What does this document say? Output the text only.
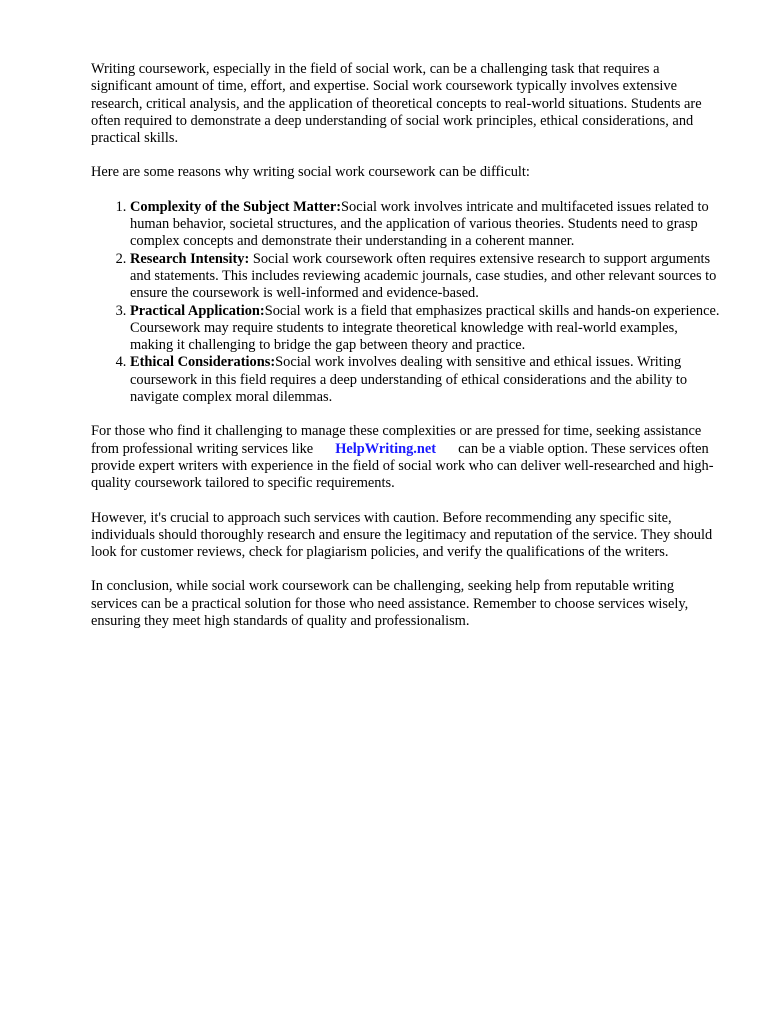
Writing coursework, especially in the field of social work, can be a challenging task that requires a significant amount of time, effort, and expertise. Social work coursework typically involves extensive research, critical analysis, and the application of theoretical concepts to real-world situations. Students are often required to demonstrate a deep understanding of social work principles, ethical considerations, and practical skills.

Here are some reasons why writing social work coursework can be difficult:

1. Complexity of the Subject Matter:Social work involves intricate and multifaceted issues related to human behavior, societal structures, and the application of various theories. Students need to grasp complex concepts and demonstrate their understanding in a coherent manner.
2. Research Intensity: Social work coursework often requires extensive research to support arguments and statements. This includes reviewing academic journals, case studies, and other relevant sources to ensure the coursework is well-informed and evidence-based.
3. Practical Application:Social work is a field that emphasizes practical skills and hands-on experience. Coursework may require students to integrate theoretical knowledge with real-world examples, making it challenging to bridge the gap between theory and practice.
4. Ethical Considerations:Social work involves dealing with sensitive and ethical issues. Writing coursework in this field requires a deep understanding of ethical considerations and the ability to navigate complex moral dilemmas.

For those who find it challenging to manage these complexities or are pressed for time, seeking assistance from professional writing services like HelpWriting.net can be a viable option. These services often provide expert writers with experience in the field of social work who can deliver well-researched and high-quality coursework tailored to specific requirements.

However, it's crucial to approach such services with caution. Before recommending any specific site, individuals should thoroughly research and ensure the legitimacy and reputation of the service. They should look for customer reviews, check for plagiarism policies, and verify the qualifications of the writers.

In conclusion, while social work coursework can be challenging, seeking help from reputable writing services can be a practical solution for those who need assistance. Remember to choose services wisely, ensuring they meet high standards of quality and professionalism.
